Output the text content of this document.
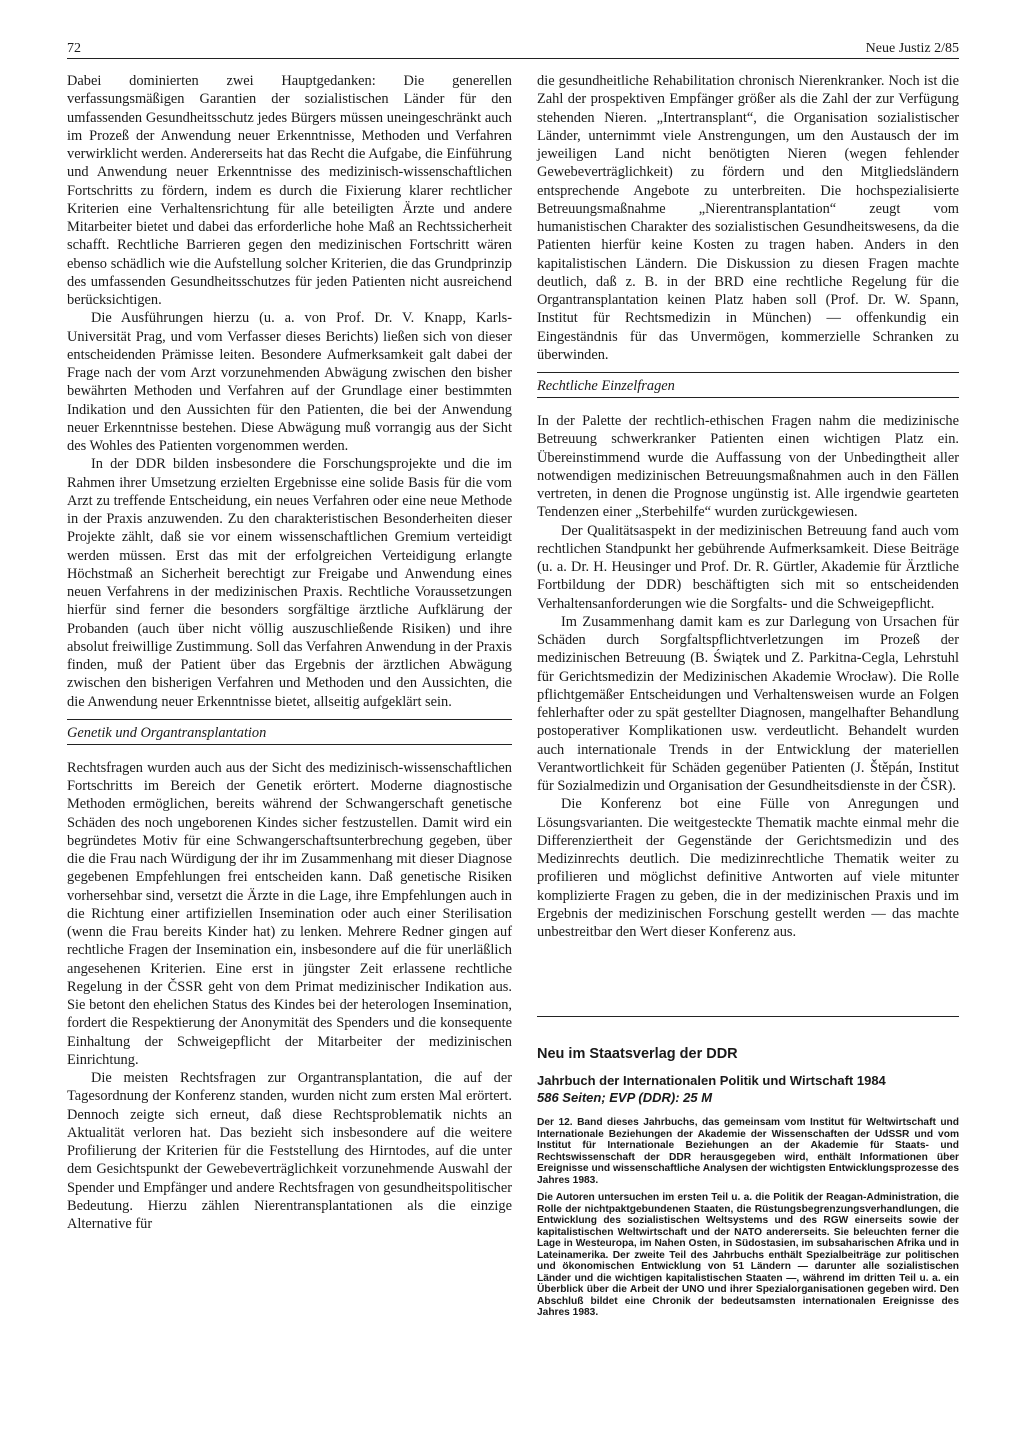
72	Neue Justiz 2/85

Dabei dominierten zwei Hauptgedanken: Die generellen verfassungsmäßigen Garantien der sozialistischen Länder für den umfassenden Gesundheitsschutz jedes Bürgers müssen uneingeschränkt auch im Prozeß der Anwendung neuer Erkenntnisse, Methoden und Verfahren verwirklicht werden. Andererseits hat das Recht die Aufgabe, die Einführung und Anwendung neuer Erkenntnisse des medizinisch-wissenschaftlichen Fortschritts zu fördern, indem es durch die Fixierung klarer rechtlicher Kriterien eine Verhaltensrichtung für alle beteiligten Ärzte und andere Mitarbeiter bietet und dabei das erforderliche hohe Maß an Rechtssicherheit schafft. Rechtliche Barrieren gegen den medizinischen Fortschritt wären ebenso schädlich wie die Aufstellung solcher Kriterien, die das Grundprinzip des umfassenden Gesundheitsschutzes für jeden Patienten nicht ausreichend berücksichtigen.

Die Ausführungen hierzu (u. a. von Prof. Dr. V. Knapp, Karls-Universität Prag, und vom Verfasser dieses Berichts) ließen sich von dieser entscheidenden Prämisse leiten. Besondere Aufmerksamkeit galt dabei der Frage nach der vom Arzt vorzunehmenden Abwägung zwischen den bisher bewährten Methoden und Verfahren auf der Grundlage einer bestimmten Indikation und den Aussichten für den Patienten, die bei der Anwendung neuer Erkenntnisse bestehen. Diese Abwägung muß vorrangig aus der Sicht des Wohles des Patienten vorgenommen werden.

In der DDR bilden insbesondere die Forschungsprojekte und die im Rahmen ihrer Umsetzung erzielten Ergebnisse eine solide Basis für die vom Arzt zu treffende Entscheidung, ein neues Verfahren oder eine neue Methode in der Praxis anzuwenden. Zu den charakteristischen Besonderheiten dieser Projekte zählt, daß sie vor einem wissenschaftlichen Gremium verteidigt werden müssen. Erst das mit der erfolgreichen Verteidigung erlangte Höchstmaß an Sicherheit berechtigt zur Freigabe und Anwendung eines neuen Verfahrens in der medizinischen Praxis. Rechtliche Voraussetzungen hierfür sind ferner die besonders sorgfältige ärztliche Aufklärung der Probanden (auch über nicht völlig auszuschließende Risiken) und ihre absolut freiwillige Zustimmung. Soll das Verfahren Anwendung in der Praxis finden, muß der Patient über das Ergebnis der ärztlichen Abwägung zwischen den bisherigen Verfahren und Methoden und den Aussichten, die die Anwendung neuer Erkenntnisse bietet, allseitig aufgeklärt sein.

Genetik und Organtransplantation

Rechtsfragen wurden auch aus der Sicht des medizinisch-wissenschaftlichen Fortschritts im Bereich der Genetik erörtert. Moderne diagnostische Methoden ermöglichen, bereits während der Schwangerschaft genetische Schäden des noch ungeborenen Kindes sicher festzustellen. Damit wird ein begründetes Motiv für eine Schwangerschaftsunterbrechung gegeben, über die die Frau nach Würdigung der ihr im Zusammenhang mit dieser Diagnose gegebenen Empfehlungen frei entscheiden kann. Daß genetische Risiken vorhersehbar sind, versetzt die Ärzte in die Lage, ihre Empfehlungen auch in die Richtung einer artifiziellen Insemination oder auch einer Sterilisation (wenn die Frau bereits Kinder hat) zu lenken. Mehrere Redner gingen auf rechtliche Fragen der Insemination ein, insbesondere auf die für unerläßlich angesehenen Kriterien. Eine erst in jüngster Zeit erlassene rechtliche Regelung in der ČSSR geht von dem Primat medizinischer Indikation aus. Sie betont den ehelichen Status des Kindes bei der heterologen Insemination, fordert die Respektierung der Anonymität des Spenders und die konsequente Einhaltung der Schweigepflicht der Mitarbeiter der medizinischen Einrichtung.

Die meisten Rechtsfragen zur Organtransplantation, die auf der Tagesordnung der Konferenz standen, wurden nicht zum ersten Mal erörtert. Dennoch zeigte sich erneut, daß diese Rechtsproblematik nichts an Aktualität verloren hat. Das bezieht sich insbesondere auf die weitere Profilierung der Kriterien für die Feststellung des Hirntodes, auf die unter dem Gesichtspunkt der Gewebeverträglichkeit vorzunehmende Auswahl der Spender und Empfänger und andere Rechtsfragen von gesundheitspolitischer Bedeutung. Hierzu zählen Nierentransplantationen als die einzige Alternative für

die gesundheitliche Rehabilitation chronisch Nierenkranker. Noch ist die Zahl der prospektiven Empfänger größer als die Zahl der zur Verfügung stehenden Nieren. „Intertransplant“, die Organisation sozialistischer Länder, unternimmt viele Anstrengungen, um den Austausch der im jeweiligen Land nicht benötigten Nieren (wegen fehlender Gewebeverträglichkeit) zu fördern und den Mitgliedsländern entsprechende Angebote zu unterbreiten. Die hochspezialisierte Betreuungsmaßnahme „Nierentransplantation“ zeugt vom humanistischen Charakter des sozialistischen Gesundheitswesens, da die Patienten hierfür keine Kosten zu tragen haben. Anders in den kapitalistischen Ländern. Die Diskussion zu diesen Fragen machte deutlich, daß z. B. in der BRD eine rechtliche Regelung für die Organtransplantation keinen Platz haben soll (Prof. Dr. W. Spann, Institut für Rechtsmedizin in München) — offenkundig ein Eingeständnis für das Unvermögen, kommerzielle Schranken zu überwinden.

Rechtliche Einzelfragen

In der Palette der rechtlich-ethischen Fragen nahm die medizinische Betreuung schwerkranker Patienten einen wichtigen Platz ein. Übereinstimmend wurde die Auffassung von der Unbedingtheit aller notwendigen medizinischen Betreuungsmaßnahmen auch in den Fällen vertreten, in denen die Prognose ungünstig ist. Alle irgendwie gearteten Tendenzen einer „Sterbehilfe“ wurden zurückgewiesen.

Der Qualitätsaspekt in der medizinischen Betreuung fand auch vom rechtlichen Standpunkt her gebührende Aufmerksamkeit. Diese Beiträge (u. a. Dr. H. Heusinger und Prof. Dr. R. Gürtler, Akademie für Ärztliche Fortbildung der DDR) beschäftigten sich mit so entscheidenden Verhaltensanforderungen wie die Sorgfalts- und die Schweigepflicht.

Im Zusammenhang damit kam es zur Darlegung von Ursachen für Schäden durch Sorgfaltspflichtverletzungen im Prozeß der medizinischen Betreuung (B. Świątek und Z. Parkitna-Cegla, Lehrstuhl für Gerichtsmedizin der Medizinischen Akademie Wrocław). Die Rolle pflichtgemäßer Entscheidungen und Verhaltensweisen wurde an Folgen fehlerhafter oder zu spät gestellter Diagnosen, mangelhafter Behandlung postoperativer Komplikationen usw. verdeutlicht. Behandelt wurden auch internationale Trends in der Entwicklung der materiellen Verantwortlichkeit für Schäden gegenüber Patienten (J. Štěpán, Institut für Sozialmedizin und Organisation der Gesundheitsdienste in der ČSR).

Die Konferenz bot eine Fülle von Anregungen und Lösungsvarianten. Die weitgesteckte Thematik machte einmal mehr die Differenziertheit der Gegenstände der Gerichtsmedizin und des Medizinrechts deutlich. Die medizinrechtliche Thematik weiter zu profilieren und möglichst definitive Antworten auf viele mitunter komplizierte Fragen zu geben, die in der medizinischen Praxis und im Ergebnis der medizinischen Forschung gestellt werden — das machte unbestreitbar den Wert dieser Konferenz aus.

Neu im Staatsverlag der DDR

Jahrbuch der Internationalen Politik und Wirtschaft 1984

586 Seiten; EVP (DDR): 25 M

Der 12. Band dieses Jahrbuchs, das gemeinsam vom Institut für Weltwirtschaft und Internationale Beziehungen der Akademie der Wissenschaften der UdSSR und vom Institut für Internationale Beziehungen an der Akademie für Staats- und Rechtswissenschaft der DDR herausgegeben wird, enthält Informationen über Ereignisse und wissenschaftliche Analysen der wichtigsten Entwicklungsprozesse des Jahres 1983.

Die Autoren untersuchen im ersten Teil u. a. die Politik der Reagan-Administration, die Rolle der nichtpaktgebundenen Staaten, die Rüstungsbegrenzungsverhandlungen, die Entwicklung des sozialistischen Weltsystems und des RGW einerseits sowie der kapitalistischen Weltwirtschaft und der NATO andererseits. Sie beleuchten ferner die Lage in Westeuropa, im Nahen Osten, in Südostasien, im subsaharischen Afrika und in Lateinamerika. Der zweite Teil des Jahrbuchs enthält Spezialbeiträge zur politischen und ökonomischen Entwicklung von 51 Ländern — darunter alle sozialistischen Länder und die wichtigen kapitalistischen Staaten —, während im dritten Teil u. a. ein Überblick über die Arbeit der UNO und ihrer Spezialorganisationen gegeben wird. Den Abschluß bildet eine Chronik der bedeutsamsten internationalen Ereignisse des Jahres 1983.
